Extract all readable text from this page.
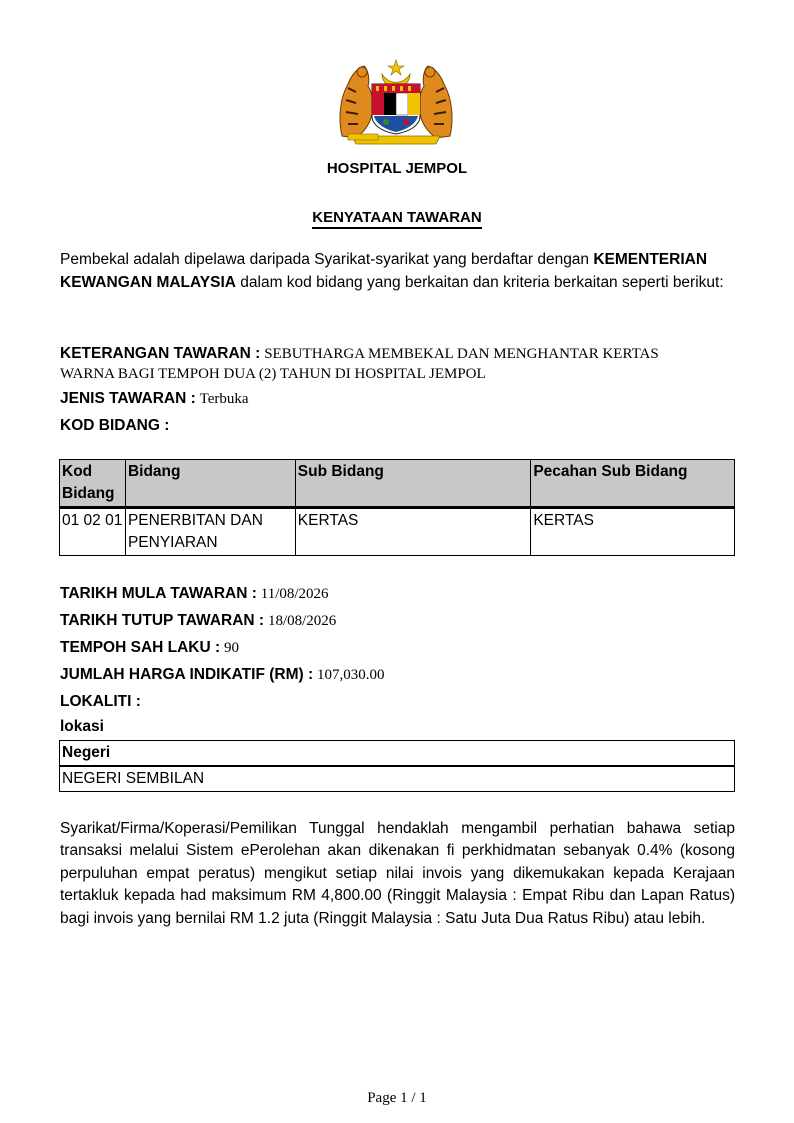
HOSPITAL JEMPOL
KENYATAAN TAWARAN
Pembekal adalah dipelawa daripada Syarikat-syarikat yang berdaftar dengan KEMENTERIAN KEWANGAN MALAYSIA dalam kod bidang yang berkaitan dan kriteria berkaitan seperti berikut:
KETERANGAN TAWARAN : SEBUTHARGA MEMBEKAL DAN MENGHANTAR KERTAS
WARNA BAGI TEMPOH DUA (2) TAHUN DI HOSPITAL JEMPOL
JENIS TAWARAN : Terbuka
KOD BIDANG :
Kod Bidang	Bidang	Sub Bidang	Pecahan Sub Bidang
01 02 01	PENERBITAN DAN PENYIARAN	KERTAS	KERTAS
TARIKH MULA TAWARAN : 11/08/2026
TARIKH TUTUP TAWARAN : 18/08/2026
TEMPOH SAH LAKU : 90
JUMLAH HARGA INDIKATIF (RM) : 107,030.00
LOKALITI :
lokasi
Negeri
NEGERI SEMBILAN
Syarikat/Firma/Koperasi/Pemilikan Tunggal hendaklah mengambil perhatian bahawa setiap transaksi melalui Sistem ePerolehan akan dikenakan fi perkhidmatan sebanyak 0.4% (kosong perpuluhan empat peratus) mengikut setiap nilai invois yang dikemukakan kepada Kerajaan tertakluk kepada had maksimum RM 4,800.00 (Ringgit Malaysia : Empat Ribu dan Lapan Ratus) bagi invois yang bernilai RM 1.2 juta (Ringgit Malaysia : Satu Juta Dua Ratus Ribu) atau lebih.
Page 1 / 1
